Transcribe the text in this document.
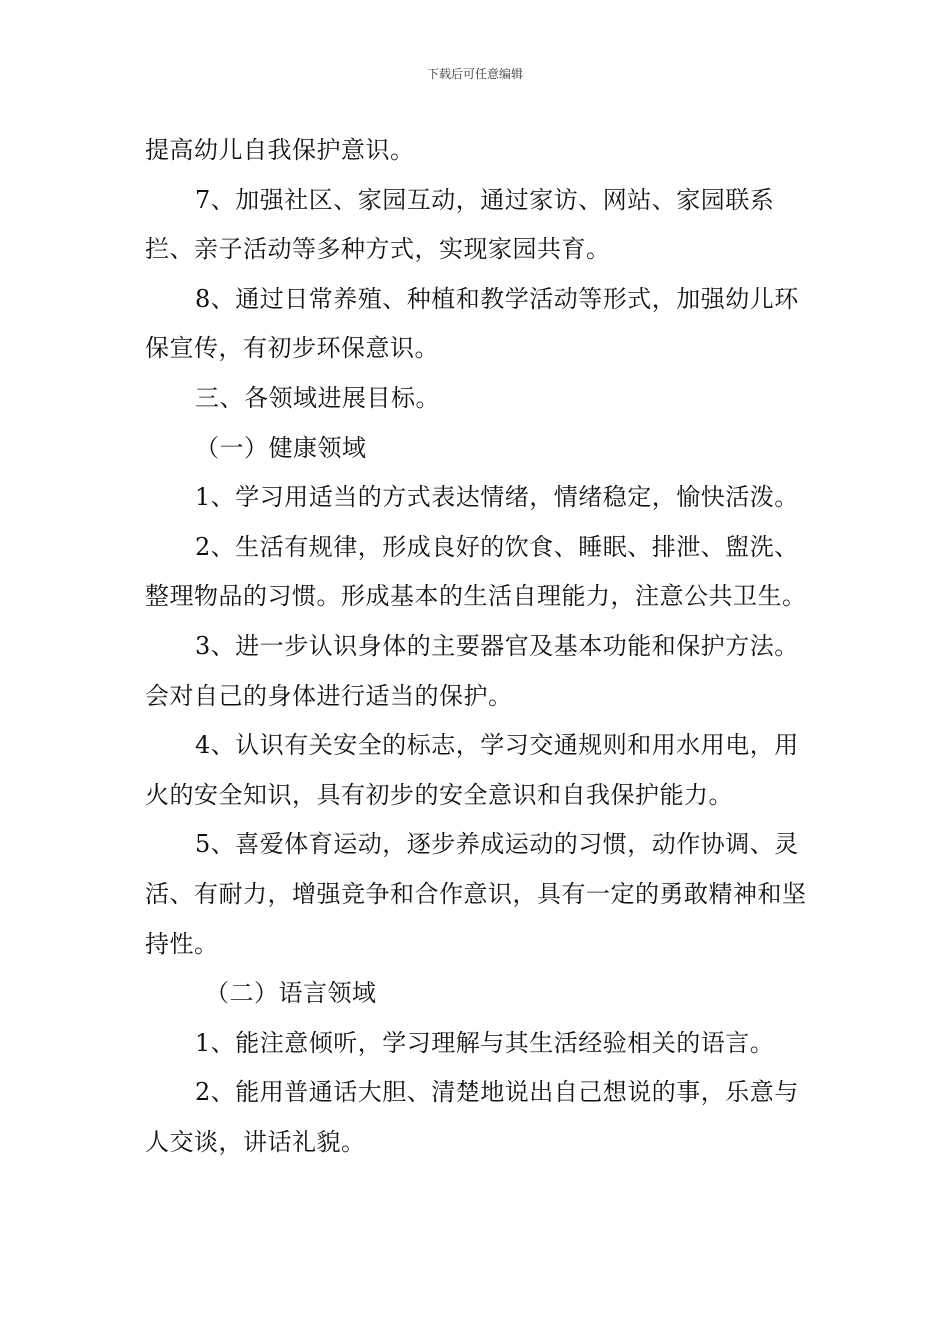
下载后可任意编辑

提高幼儿自我保护意识。

7、加强社区、家园互动，通过家访、网站、家园联系拦、亲子活动等多种方式，实现家园共育。

8、通过日常养殖、种植和教学活动等形式，加强幼儿环保宣传，有初步环保意识。

三、各领域进展目标。

（一）健康领域

1、学习用适当的方式表达情绪，情绪稳定，愉快活泼。

2、生活有规律，形成良好的饮食、睡眠、排泄、盥洗、整理物品的习惯。形成基本的生活自理能力，注意公共卫生。

3、进一步认识身体的主要器官及基本功能和保护方法。会对自己的身体进行适当的保护。

4、认识有关安全的标志，学习交通规则和用水用电，用火的安全知识，具有初步的安全意识和自我保护能力。

5、喜爱体育运动，逐步养成运动的习惯，动作协调、灵活、有耐力，增强竞争和合作意识，具有一定的勇敢精神和坚持性。

（二）语言领域

1、能注意倾听，学习理解与其生活经验相关的语言。

2、能用普通话大胆、清楚地说出自己想说的事，乐意与人交谈，讲话礼貌。
